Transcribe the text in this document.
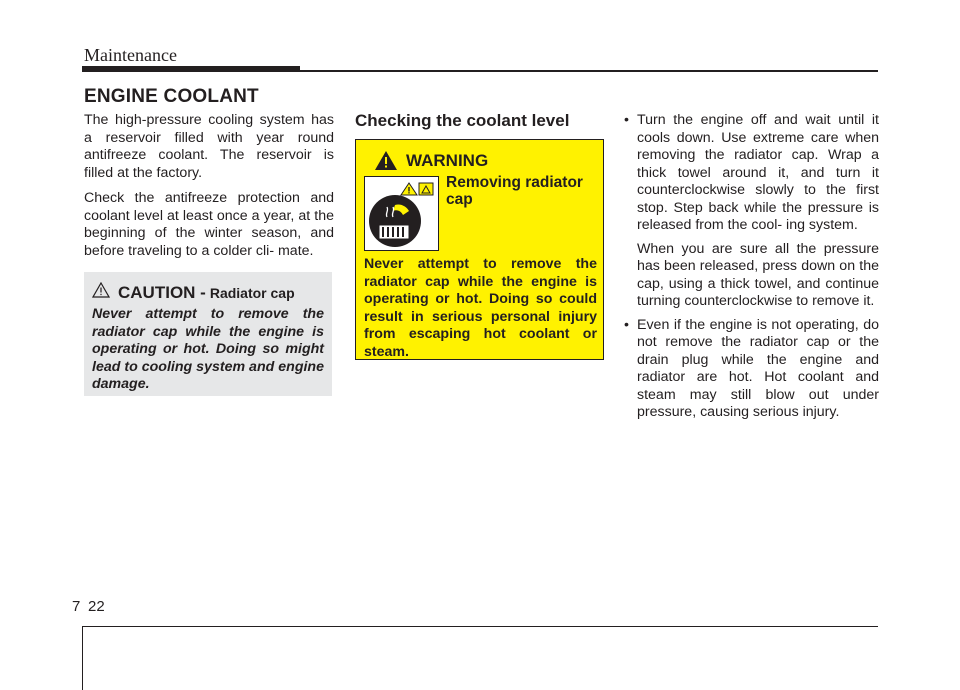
Maintenance
ENGINE COOLANT

The high-pressure cooling system has a reservoir filled with year round antifreeze coolant. The reservoir is filled at the factory.

Check the antifreeze protection and coolant level at least once a year, at the beginning of the winter season, and before traveling to a colder cli- mate.

CAUTION - Radiator cap
Never attempt to remove the radiator cap while the engine is operating or hot. Doing so might lead to cooling system and engine damage.
Checking the coolant level
WARNING
Removing radiator cap
Never attempt to remove the radiator cap while the engine is operating or hot. Doing so could result in serious personal injury from escaping hot coolant or steam.
• Turn the engine off and wait until it cools down. Use extreme care when removing the radiator cap. Wrap a thick towel around it, and turn it counterclockwise slowly to the first stop. Step back while the pressure is released from the cool- ing system.

When you are sure all the pressure has been released, press down on the cap, using a thick towel, and continue turning counterclockwise to remove it.

• Even if the engine is not operating, do not remove the radiator cap or the drain plug while the engine and radiator are hot. Hot coolant and steam may still blow out under pressure, causing serious injury.

7 22
